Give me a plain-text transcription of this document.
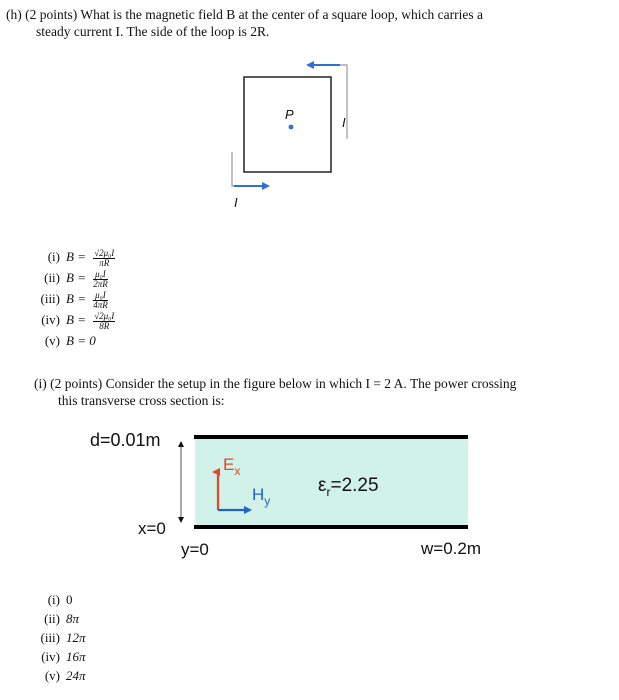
(h) (2 points) What is the magnetic field B at the center of a square loop, which carries a
steady current I. The side of the loop is 2R.
P
I
I
(i) $B = \frac{\text{√2μ₀I}}{\pi R}$
(ii) $B = \frac{\text{μ₀I}}{2\pi R}$
(iii) $B = \frac{\text{μ₀I}}{4\pi R}$
(iv) $B = \frac{\text{√2μ₀I}}{8R}$
(v) B = 0
(i) (2 points) Consider the setup in the figure below in which I = 2 A. The power crossing
this transverse cross section is:
d=0.01m
x=0
y=0	w=0.2m
$E_x$
$H_y$
$\varepsilon_r=2.25$
(i) 0
(ii) 8π
(iii) 12π
(iv) 16π
(v) 24π
